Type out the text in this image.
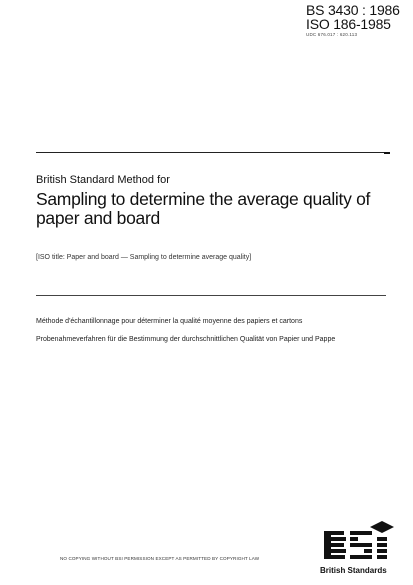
BS 3430 : 1986
ISO 186-1985
UDC 676.017 : 620.113
British Standard Method for
Sampling to determine the average quality of paper and board
[ISO title: Paper and board — Sampling to determine average quality]
Méthode d'échantillonnage pour déterminer la qualité moyenne des papiers et cartons
Probenahmeverfahren für die Bestimmung der durchschnittlichen Qualität von Papier und Pappe
NO COPYING WITHOUT BSI PERMISSION EXCEPT AS PERMITTED BY COPYRIGHT LAW
British Standards
